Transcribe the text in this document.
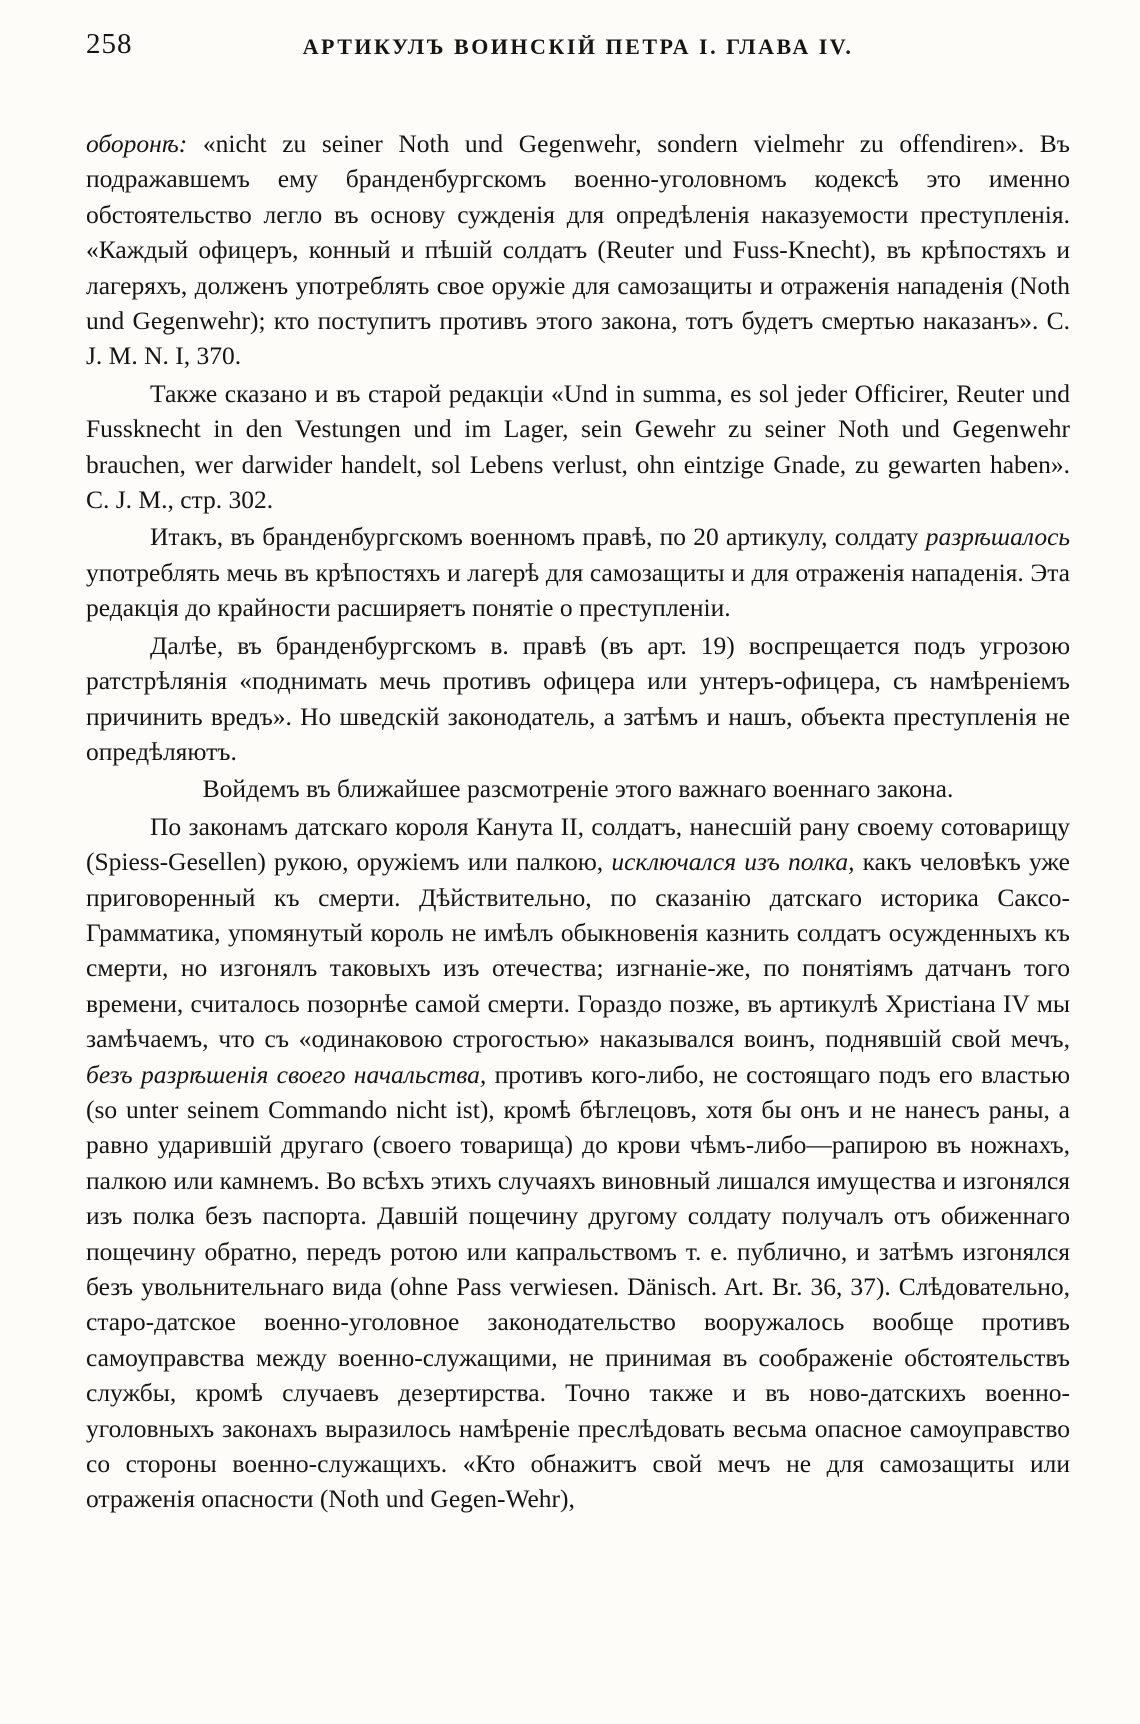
258	АРТИКУЛЪ ВОИНСКІЙ ПЕТРА І. ГЛАВА IV.

оборонѣ: «nicht zu seiner Noth und Gegenwehr, sondern vielmehr zu offendiren». Въ подражавшемъ ему бранденбургскомъ военно-уголовномъ кодексѣ это именно обстоятельство легло въ основу сужденія для опредѣленія наказуемости преступленія. «Каждый офицеръ, конный и пѣшій солдатъ (Reuter und Fuss-Knecht), въ крѣпостяхъ и лагеряхъ, долженъ употреблять свое оружіе для самозащиты и отраженія нападенія (Noth und Gegenwehr); кто поступитъ противъ этого закона, тотъ будетъ смертью наказанъ». C. J. M. N. I, 370.

Также сказано и въ старой редакціи «Und in summa, es sol jeder Officirer, Reuter und Fussknecht in den Vestungen und im Lager, sein Gewehr zu seiner Noth und Gegenwehr brauchen, wer darwider handelt, sol Lebens verlust, ohn eintzige Gnade, zu gewarten haben». C. J. M., стр. 302.

Итакъ, въ бранденбургскомъ военномъ правѣ, по 20 артикулу, солдату разрѣшалось употреблять мечь въ крѣпостяхъ и лагерѣ для самозащиты и для отраженія нападенія. Эта редакція до крайности расширяетъ понятіе о преступленіи.

Далѣе, въ бранденбургскомъ в. правѣ (въ арт. 19) воспрещается подъ угрозою ратстрѣлянія «поднимать мечь противъ офицера или унтеръ-офицера, съ намѣреніемъ причинить вредъ». Но шведскій законодатель, а затѣмъ и нашъ, объекта преступленія не опредѣляютъ.

Войдемъ въ ближайшее разсмотреніе этого важнаго военнаго закона.

По законамъ датскаго короля Канута II, солдатъ, нанесшій рану своему сотоварищу (Spiess-Gesellen) рукою, оружіемъ или палкою, исключался изъ полка, какъ человѣкъ уже приговоренный къ смерти. Дѣйствительно, по сказанію датскаго историка Саксо-Грамматика, упомянутый король не имѣлъ обыкновенія казнить солдатъ осужденныхъ къ смерти, но изгонялъ таковыхъ изъ отечества; изгнаніе-же, по понятіямъ датчанъ того времени, считалось позорнѣе самой смерти. Гораздо позже, въ артикулѣ Христіана IV мы замѣчаемъ, что съ «одинаковою строгостью» наказывался воинъ, поднявшій свой мечъ, безъ разрѣшенія своего начальства, противъ кого-либо, не состоящаго подъ его властью (so unter seinem Commando nicht ist), кромѣ бѣглецовъ, хотя бы онъ и не нанесъ раны, а равно ударившій другаго (своего товарища) до крови чѣмъ-либо—рапирою въ ножнахъ, палкою или камнемъ. Во всѣхъ этихъ случаяхъ виновный лишался имущества и изгонялся изъ полка безъ паспорта. Давшій пощечину другому солдату получалъ отъ обиженнаго пощечину обратно, передъ ротою или капральствомъ т. е. публично, и затѣмъ изгонялся безъ увольнительнаго вида (ohne Pass verwiesen. Dänisch. Art. Br. 36, 37). Слѣдовательно, старо-датское военно-уголовное законодательство вооружалось вообще противъ самоуправства между военно-служащими, не принимая въ соображеніе обстоятельствъ службы, кромѣ случаевъ дезертирства. Точно также и въ ново-датскихъ военно-уголовныхъ законахъ выразилось намѣреніе преслѣдовать весьма опасное самоуправство со стороны военно-служащихъ. «Кто обнажитъ свой мечъ не для самозащиты или отраженія опасности (Noth und Gegen-Wehr),
